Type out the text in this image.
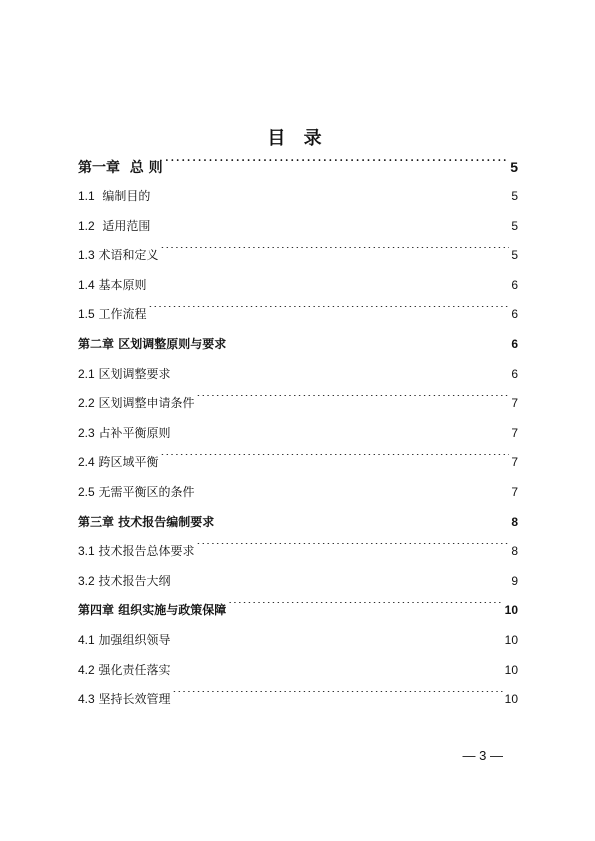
目 录
第一章 总 则 .....	5
1.1 编制目的 .....	5
1.2 适用范围 .....	5
1.3 术语和定义 .....	5
1.4 基本原则 .....	6
1.5 工作流程 .....	6
第二章 区划调整原则与要求 .....	6
2.1 区划调整要求 .....	6
2.2 区划调整申请条件 .....	7
2.3 占补平衡原则 .....	7
2.4 跨区域平衡 .....	7
2.5 无需平衡区的条件 .....	7
第三章 技术报告编制要求 .....	8
3.1 技术报告总体要求 .....	8
3.2 技术报告大纲 .....	9
第四章 组织实施与政策保障 .....	10
4.1 加强组织领导 .....	10
4.2 强化责任落实 .....	10
4.3 坚持长效管理 .....	10
— 3 —
